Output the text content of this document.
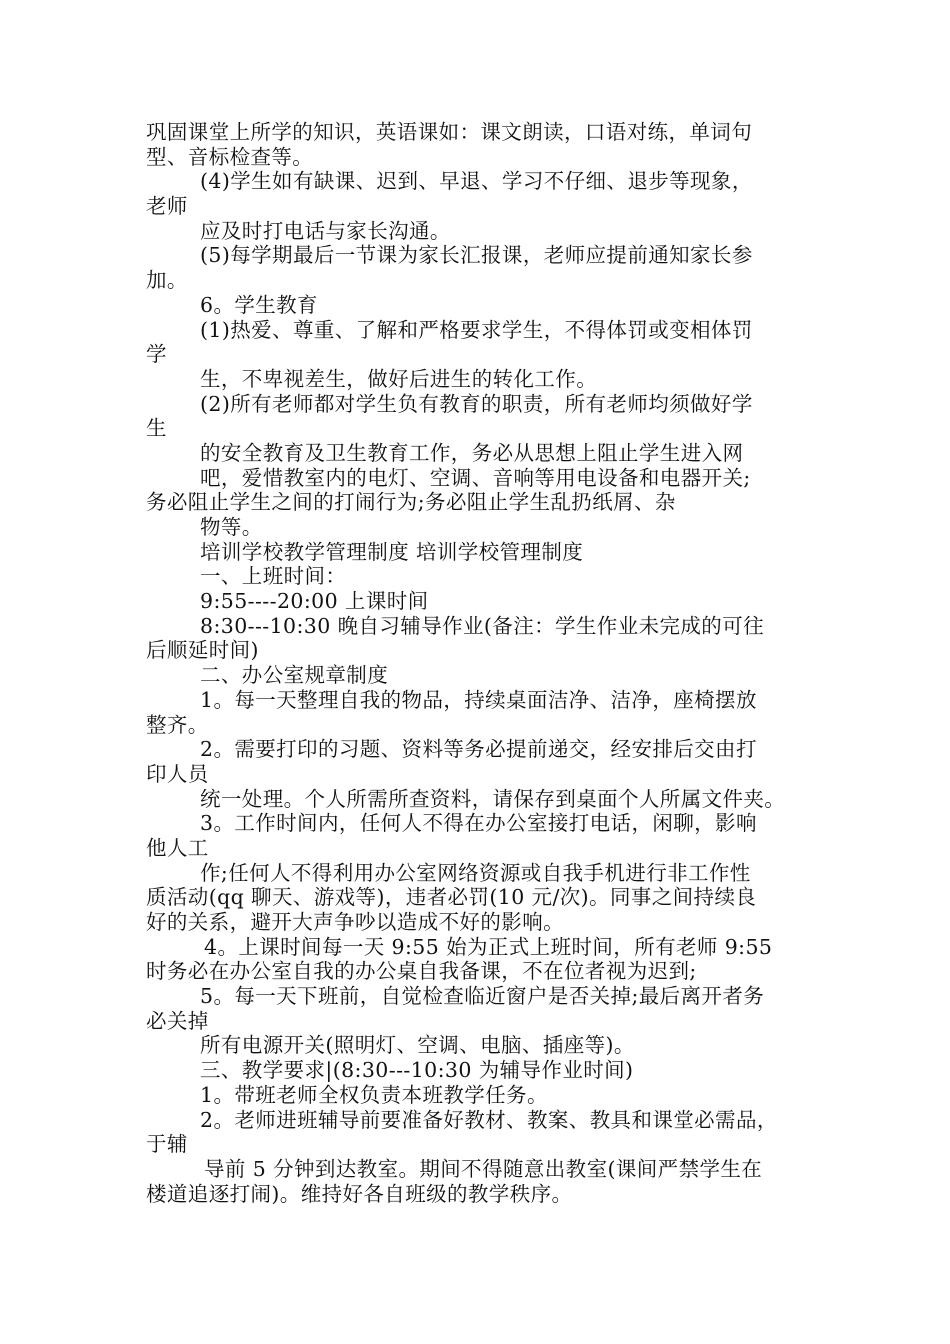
巩固课堂上所学的知识，英语课如：课文朗读，口语对练，单词句
型、音标检查等。
(4)学生如有缺课、迟到、早退、学习不仔细、退步等现象，
老师
应及时打电话与家长沟通。
(5)每学期最后一节课为家长汇报课，老师应提前通知家长参
加。
6。学生教育
(1)热爱、尊重、了解和严格要求学生，不得体罚或变相体罚
学
生，不卑视差生，做好后进生的转化工作。
(2)所有老师都对学生负有教育的职责，所有老师均须做好学
生
的安全教育及卫生教育工作，务必从思想上阻止学生进入网
吧，爱惜教室内的电灯、空调、音响等用电设备和电器开关;
务必阻止学生之间的打闹行为;务必阻止学生乱扔纸屑、杂
物等。
培训学校教学管理制度 培训学校管理制度
一、上班时间：
9:55----20:00 上课时间
8:30---10:30 晚自习辅导作业(备注：学生作业未完成的可往
后顺延时间)
二、办公室规章制度
1。每一天整理自我的物品，持续桌面洁净、洁净，座椅摆放
整齐。
2。需要打印的习题、资料等务必提前递交，经安排后交由打
印人员
统一处理。个人所需所查资料，请保存到桌面个人所属文件夹。
3。工作时间内，任何人不得在办公室接打电话，闲聊，影响
他人工
作;任何人不得利用办公室网络资源或自我手机进行非工作性
质活动(qq 聊天、游戏等)，违者必罚(10 元/次)。同事之间持续良
好的关系，避开大声争吵以造成不好的影响。
4。上课时间每一天 9:55 始为正式上班时间，所有老师 9:55
时务必在办公室自我的办公桌自我备课，不在位者视为迟到;
5。每一天下班前，自觉检查临近窗户是否关掉;最后离开者务
必关掉
所有电源开关(照明灯、空调、电脑、插座等)。
三、教学要求|(8:30---10:30 为辅导作业时间)
1。带班老师全权负责本班教学任务。
2。老师进班辅导前要准备好教材、教案、教具和课堂必需品，
于辅
导前 5 分钟到达教室。期间不得随意出教室(课间严禁学生在
楼道追逐打闹)。维持好各自班级的教学秩序。
